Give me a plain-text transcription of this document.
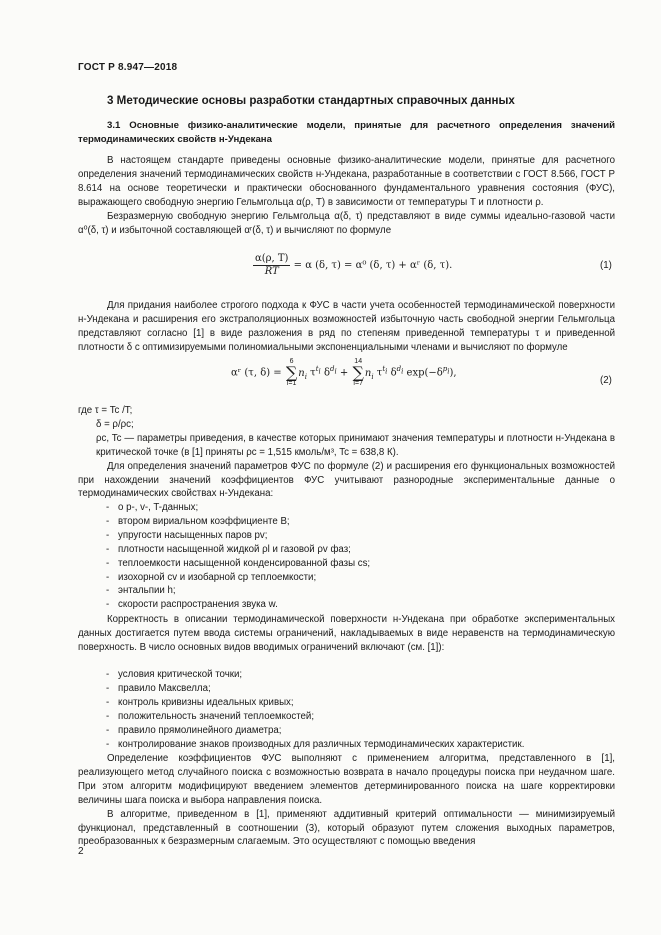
ГОСТ Р 8.947—2018
3 Методические основы разработки стандартных справочных данных

3.1 Основные физико-аналитические модели, принятые для расчетного определения значений термодинамических свойств н-Ундекана

В настоящем стандарте приведены основные физико-аналитические модели, принятые для расчетного определения значений термодинамических свойств н-Ундекана, разработанные в соответствии с ГОСТ 8.566, ГОСТ Р 8.614 на основе теоретически и практически обоснованного фундаментального уравнения состояния (ФУС), выражающего свободную энергию Гельмгольца α(ρ, T) в зависимости от температуры T и плотности ρ.

Безразмерную свободную энергию Гельмгольца α(δ, τ) представляют в виде суммы идеально-газовой части α⁰(δ, τ) и избыточной составляющей αʳ(δ, τ) и вычисляют по формуле

$\frac{\alpha(\rho, T)}{RT} = \alpha$ (δ, τ) = α⁰ (δ, τ) + αʳ (δ, τ).	(1)

Для придания наиболее строгого подхода к ФУС в части учета особенностей термодинамической поверхности н-Ундекана и расширения его экстраполяционных возможностей избыточную часть свободной энергии Гельмгольца представляют согласно [1] в виде разложения в ряд по степеням приведенной температуры τ и приведенной плотности δ с оптимизируемыми полиномиальными экспоненциальными членами и вычисляют по формуле

αʳ (τ, δ) =
6
∑
i=1
$n_i$ $\tau^{t_i}$ $\delta^{d_i}$ +
14
∑
i=7
$n_i$ $\tau^{t_i}$ $\delta^{d_i}$ $\exp(-\delta^{p_i})$,
(2)

где τ = Tc /T;

δ = ρ/ρc;

ρc, Tc — параметры приведения, в качестве которых принимают значения температуры и плотности н-Ундекана в критической точке (в [1] приняты ρc = 1,515 кмоль/м³, Tc = 638,8 К).

Для определения значений параметров ФУС по формуле (2) и расширения его функциональных возможностей при нахождении значений коэффициентов ФУС учитывают разнородные экспериментальные данные о термодинамических свойствах н-Ундекана:

- о p-, v-, T-данных;
- втором вириальном коэффициенте B;
- упругости насыщенных паров pv;
- плотности насыщенной жидкой ρl и газовой ρv фаз;
- теплоемкости насыщенной конденсированной фазы cs;
- изохорной cv и изобарной cp теплоемкости;
- энтальпии h;
- скорости распространения звука w.

Корректность в описании термодинамической поверхности н-Ундекана при обработке экспериментальных данных достигается путем ввода системы ограничений, накладываемых в виде неравенств на термодинамическую поверхность. В число основных видов вводимых ограничений включают (см. [1]):

- условия критической точки;
- правило Максвелла;
- контроль кривизны идеальных кривых;
- положительность значений теплоемкостей;
- правило прямолинейного диаметра;
- контролирование знаков производных для различных термодинамических характеристик.

Определение коэффициентов ФУС выполняют с применением алгоритма, представленного в [1], реализующего метод случайного поиска с возможностью возврата в начало процедуры поиска при неудачном шаге. При этом алгоритм модифицируют введением элементов детерминированного поиска на шаге корректировки величины шага поиска и выбора направления поиска.

В алгоритме, приведенном в [1], применяют аддитивный критерий оптимальности — минимизируемый функционал, представленный в соотношении (3), который образуют путем сложения выходных параметров, преобразованных к безразмерным слагаемым. Это осуществляют с помощью введения

2
